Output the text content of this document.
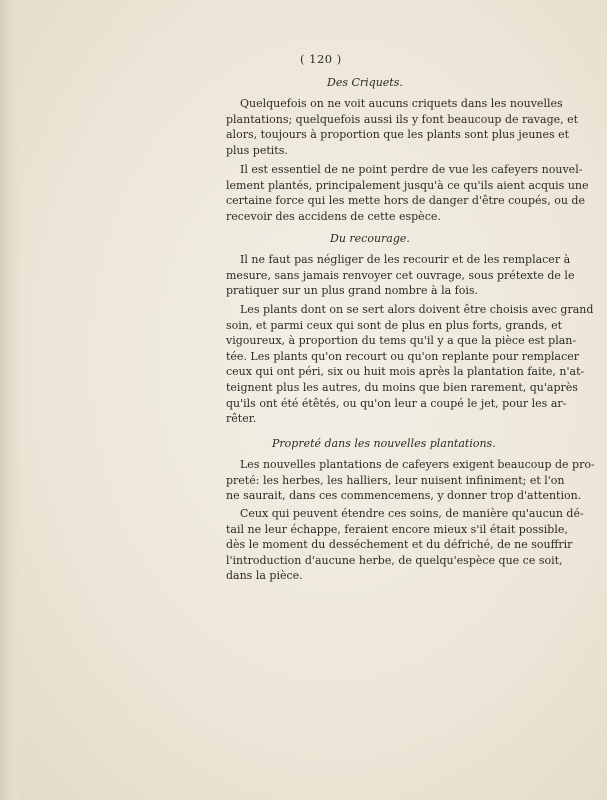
( 120 )
Des Criquets.
Quelquefois on ne voit aucuns criquets dans les nouvelles
plantations; quelquefois aussi ils y font beaucoup de ravage, et
alors, toujours à proportion que les plants sont plus jeunes et
plus petits.
Il est essentiel de ne point perdre de vue les cafeyers nouvel-
lement plantés, principalement jusqu'à ce qu'ils aient acquis une
certaine force qui les mette hors de danger d'être coupés, ou de
recevoir des accidens de cette espèce.
Du recourage.
Il ne faut pas négliger de les recourir et de les remplacer à
mesure, sans jamais renvoyer cet ouvrage, sous prétexte de le
pratiquer sur un plus grand nombre à la fois.
Les plants dont on se sert alors doivent être choisis avec grand
soin, et parmi ceux qui sont de plus en plus forts, grands, et
vigoureux, à proportion du tems qu'il y a que la pièce est plan-
tée. Les plants qu'on recourt ou qu'on replante pour remplacer
ceux qui ont péri, six ou huit mois après la plantation faite, n'at-
teignent plus les autres, du moins que bien rarement, qu'après
qu'ils ont été étêtés, ou qu'on leur a coupé le jet, pour les ar-
rêter.
Propreté dans les nouvelles plantations.
Les nouvelles plantations de cafeyers exigent beaucoup de pro-
preté: les herbes, les halliers, leur nuisent infiniment; et l'on
ne saurait, dans ces commencemens, y donner trop d'attention.
Ceux qui peuvent étendre ces soins, de manière qu'aucun dé-
tail ne leur échappe, feraient encore mieux s'il était possible,
dès le moment du desséchement et du défriché, de ne souffrir
l'introduction d'aucune herbe, de quelqu'espèce que ce soit,
dans la pièce.
